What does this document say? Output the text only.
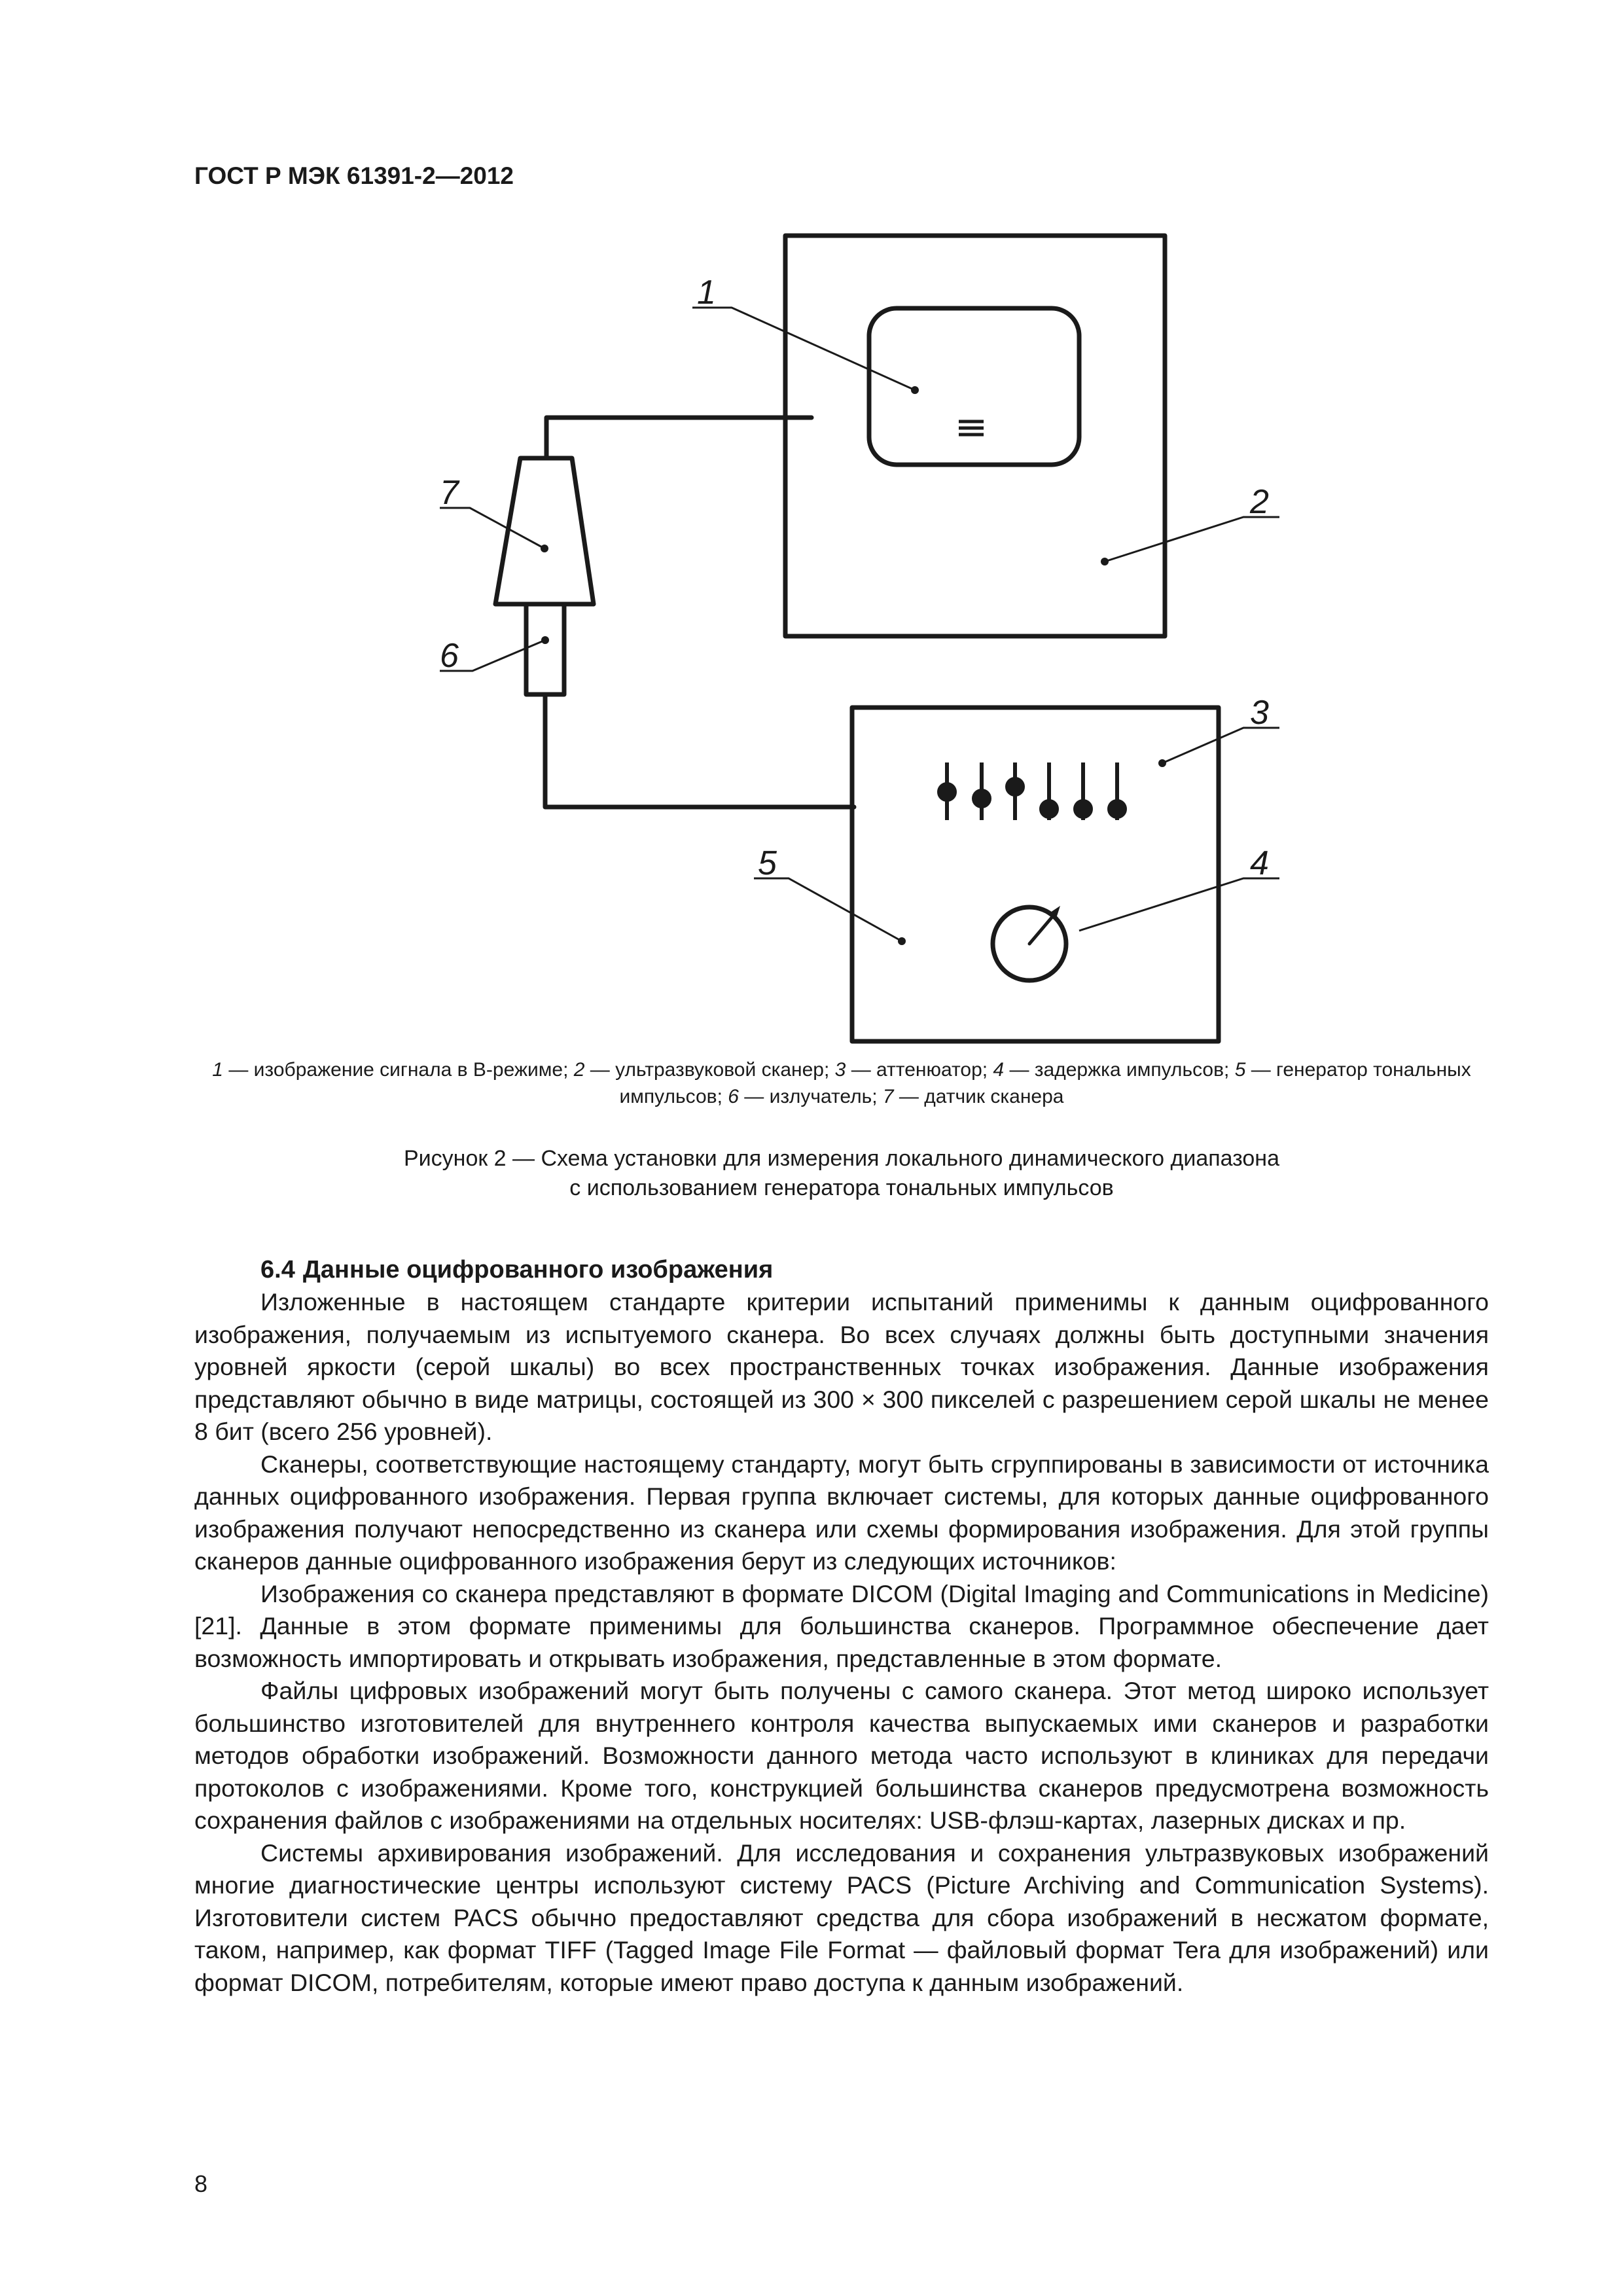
ГОСТ Р МЭК 61391-2—2012
1
2
3
4
5
6
7
1 — изображение сигнала в В-режиме; 2 — ультразвуковой сканер; 3 — аттенюатор; 4 — задержка импульсов; 5 — генератор тональных импульсов; 6 — излучатель; 7 — датчик сканера
Рисунок 2 — Схема установки для измерения локального динамического диапазона
с использованием генератора тональных импульсов
6.4 Данные оцифрованного изображения

Изложенные в настоящем стандарте критерии испытаний применимы к данным оцифрованного изображения, получаемым из испытуемого сканера. Во всех случаях должны быть доступными значения уровней яркости (серой шкалы) во всех пространственных точках изображения. Данные изображения представляют обычно в виде матрицы, состоящей из 300 × 300 пикселей с разрешением серой шкалы не менее 8 бит (всего 256 уровней).

Сканеры, соответствующие настоящему стандарту, могут быть сгруппированы в зависимости от источника данных оцифрованного изображения. Первая группа включает системы, для которых данные оцифрованного изображения получают непосредственно из сканера или схемы формирования изображения. Для этой группы сканеров данные оцифрованного изображения берут из следующих источников:

Изображения со сканера представляют в формате DICOM (Digital Imaging and Communications in Medicine) [21]. Данные в этом формате применимы для большинства сканеров. Программное обеспечение дает возможность импортировать и открывать изображения, представленные в этом формате.

Файлы цифровых изображений могут быть получены с самого сканера. Этот метод широко использует большинство изготовителей для внутреннего контроля качества выпускаемых ими сканеров и разработки методов обработки изображений. Возможности данного метода часто используют в клиниках для передачи протоколов с изображениями. Кроме того, конструкцией большинства сканеров предусмотрена возможность сохранения файлов с изображениями на отдельных носителях: USB-флэш-картах, лазерных дисках и пр.

Системы архивирования изображений. Для исследования и сохранения ультразвуковых изображений многие диагностические центры используют систему PACS (Picture Archiving and Communication Systems). Изготовители систем PACS обычно предоставляют средства для сбора изображений в несжатом формате, таком, например, как формат TIFF (Tagged Image File Format — файловый формат Tera для изображений) или формат DICOM, потребителям, которые имеют право доступа к данным изображений.

8
